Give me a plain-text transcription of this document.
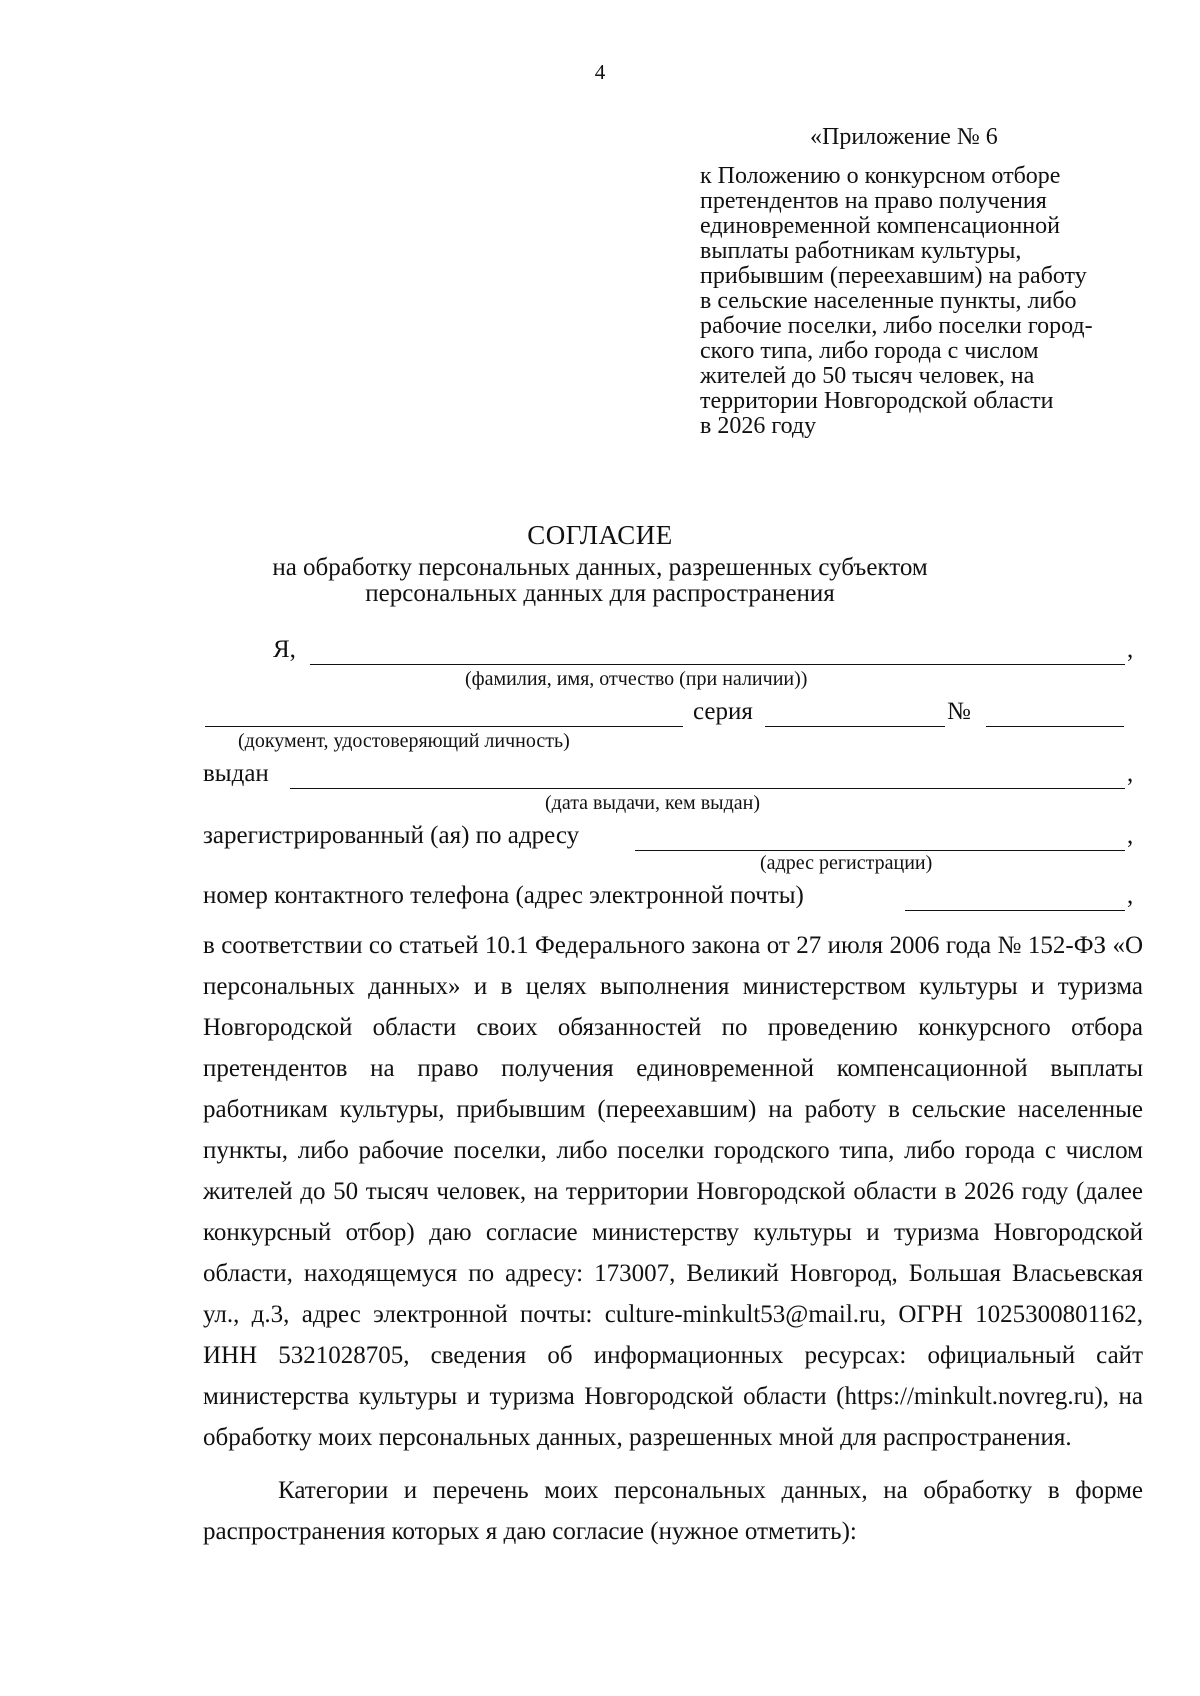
4
«Приложение № 6
к Положению о конкурсном отборе
претендентов на право получения
единовременной компенсационной
выплаты работникам культуры,
прибывшим (переехавшим) на работу
в сельские населенные пункты, либо
рабочие поселки, либо поселки город-
ского типа, либо города с числом
жителей до 50 тысяч человек, на
территории Новгородской области
в 2026 году
СОГЛАСИЕ
на обработку персональных данных, разрешенных субъектом
персональных данных для распространения
Я,	,
(фамилия, имя, отчество (при наличии))
серия	№
(документ, удостоверяющий личность)
выдан	,
(дата выдачи, кем выдан)
зарегистрированный (ая) по адресу	,
(адрес регистрации)
номер контактного телефона (адрес электронной почты)	,

в соответствии со статьей 10.1 Федерального закона от 27 июля 2006 года № 152-ФЗ «О персональных данных» и в целях выполнения министерством культуры и туризма Новгородской области своих обязанностей по проведению конкурсного отбора претендентов на право получения единовременной компенсационной выплаты работникам культуры, прибывшим (переехавшим) на работу в сельские населенные пункты, либо рабочие поселки, либо поселки городского типа, либо города с числом жителей до 50 тысяч человек, на территории Новгородской области в 2026 году (далее конкурсный отбор) даю согласие министерству культуры и туризма Новгородской области, находящемуся по адресу: 173007, Великий Новгород, Большая Власьевская ул., д.3, адрес электронной почты: culture-minkult53@mail.ru, ОГРН 1025300801162, ИНН 5321028705, сведения об информационных ресурсах: официальный сайт министерства культуры и туризма Новгородской области (https://minkult.novreg.ru), на обработку моих персональных данных, разрешенных мной для распространения.

Категории и перечень моих персональных данных, на обработку в форме распространения которых я даю согласие (нужное отметить):
